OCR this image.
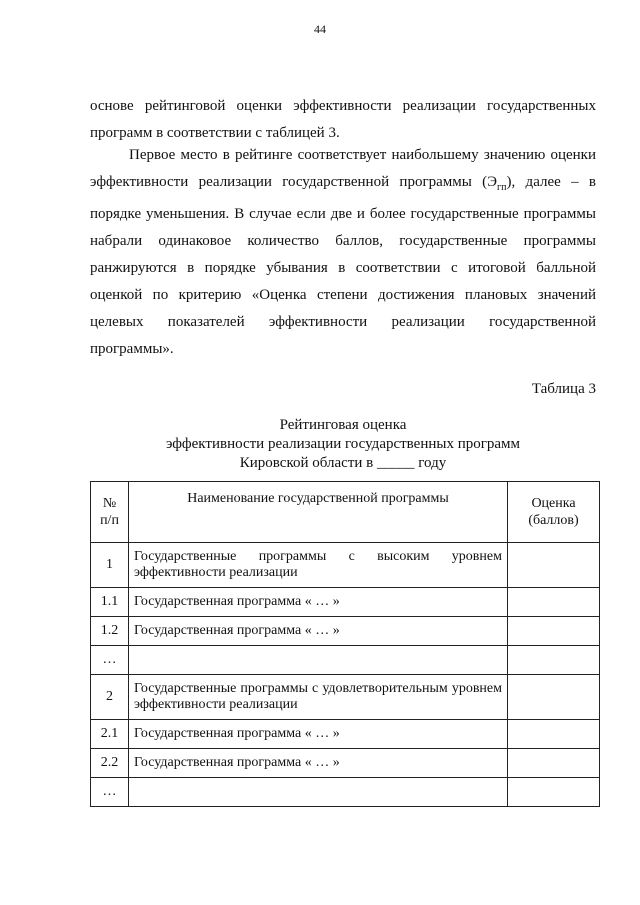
44

основе рейтинговой оценки эффективности реализации государственных программ в соответствии с таблицей 3.

Первое место в рейтинге соответствует наибольшему значению оценки эффективности реализации государственной программы $(Э_{гп})$, далее – в порядке уменьшения. В случае если две и более государственные программы набрали одинаковое количество баллов, государственные программы ранжируются в порядке убывания в соответствии с итоговой балльной оценкой по критерию «Оценка степени достижения плановых значений целевых показателей эффективности реализации государственной программы».

Таблица 3
Рейтинговая оценка
эффективности реализации государственных программ
Кировской области в _____ году
№ п/п	Наименование государственной программы	Оценка (баллов)
1	Государственные программы с высоким уровнем эффективности реализации	
1.1	Государственная программа « … »	
1.2	Государственная программа « … »	
…		
2	Государственные программы с удовлетворительным уровнем эффективности реализации	
2.1	Государственная программа « … »	
2.2	Государственная программа « … »	
…		
